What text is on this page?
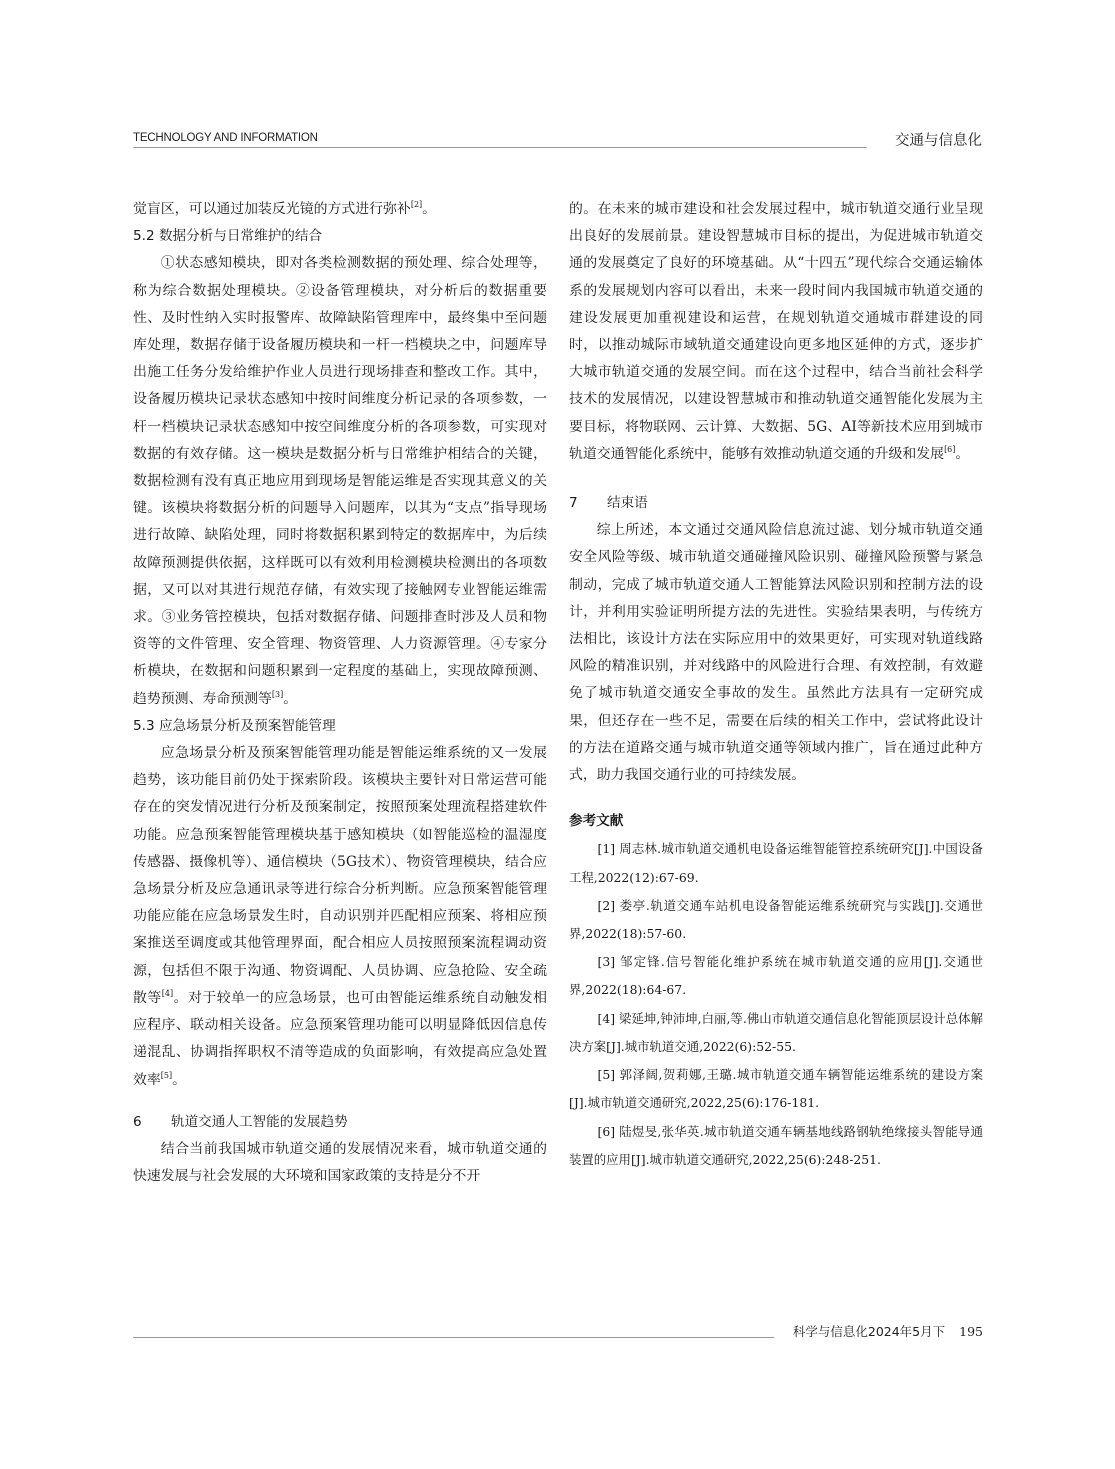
TECHNOLOGY AND INFORMATION	交通与信息化

觉盲区，可以通过加装反光镜的方式进行弥补[2]。

5.2 数据分析与日常维护的结合

①状态感知模块，即对各类检测数据的预处理、综合处理等，称为综合数据处理模块。②设备管理模块，对分析后的数据重要性、及时性纳入实时报警库、故障缺陷管理库中，最终集中至问题库处理，数据存储于设备履历模块和一杆一档模块之中，问题库导出施工任务分发给维护作业人员进行现场排查和整改工作。其中，设备履历模块记录状态感知中按时间维度分析记录的各项参数，一杆一档模块记录状态感知中按空间维度分析的各项参数，可实现对数据的有效存储。这一模块是数据分析与日常维护相结合的关键，数据检测有没有真正地应用到现场是智能运维是否实现其意义的关键。该模块将数据分析的问题导入问题库，以其为“支点”指导现场进行故障、缺陷处理，同时将数据积累到特定的数据库中，为后续故障预测提供依据，这样既可以有效利用检测模块检测出的各项数据，又可以对其进行规范存储，有效实现了接触网专业智能运维需求。③业务管控模块，包括对数据存储、问题排查时涉及人员和物资等的文件管理、安全管理、物资管理、人力资源管理。④专家分析模块，在数据和问题积累到一定程度的基础上，实现故障预测、趋势预测、寿命预测等[3]。

5.3 应急场景分析及预案智能管理

应急场景分析及预案智能管理功能是智能运维系统的又一发展趋势，该功能目前仍处于探索阶段。该模块主要针对日常运营可能存在的突发情况进行分析及预案制定，按照预案处理流程搭建软件功能。应急预案智能管理模块基于感知模块（如智能巡检的温湿度传感器、摄像机等）、通信模块（5G技术）、物资管理模块，结合应急场景分析及应急通讯录等进行综合分析判断。应急预案智能管理功能应能在应急场景发生时，自动识别并匹配相应预案、将相应预案推送至调度或其他管理界面，配合相应人员按照预案流程调动资源，包括但不限于沟通、物资调配、人员协调、应急抢险、安全疏散等[4]。对于较单一的应急场景，也可由智能运维系统自动触发相应程序、联动相关设备。应急预案管理功能可以明显降低因信息传递混乱、协调指挥职权不清等造成的负面影响，有效提高应急处置效率[5]。

6 轨道交通人工智能的发展趋势

结合当前我国城市轨道交通的发展情况来看，城市轨道交通的快速发展与社会发展的大环境和国家政策的支持是分不开

的。在未来的城市建设和社会发展过程中，城市轨道交通行业呈现出良好的发展前景。建设智慧城市目标的提出，为促进城市轨道交通的发展奠定了良好的环境基础。从“十四五”现代综合交通运输体系的发展规划内容可以看出，未来一段时间内我国城市轨道交通的建设发展更加重视建设和运营，在规划轨道交通城市群建设的同时，以推动城际市域轨道交通建设向更多地区延伸的方式，逐步扩大城市轨道交通的发展空间。而在这个过程中，结合当前社会科学技术的发展情况，以建设智慧城市和推动轨道交通智能化发展为主要目标，将物联网、云计算、大数据、5G、AI等新技术应用到城市轨道交通智能化系统中，能够有效推动轨道交通的升级和发展[6]。

7 结束语

综上所述，本文通过交通风险信息流过滤、划分城市轨道交通安全风险等级、城市轨道交通碰撞风险识别、碰撞风险预警与紧急制动，完成了城市轨道交通人工智能算法风险识别和控制方法的设计，并利用实验证明所提方法的先进性。实验结果表明，与传统方法相比，该设计方法在实际应用中的效果更好，可实现对轨道线路风险的精准识别，并对线路中的风险进行合理、有效控制，有效避免了城市轨道交通安全事故的发生。虽然此方法具有一定研究成果，但还存在一些不足，需要在后续的相关工作中，尝试将此设计的方法在道路交通与城市轨道交通等领域内推广，旨在通过此种方式，助力我国交通行业的可持续发展。

参考文献

[1] 周志林.城市轨道交通机电设备运维智能管控系统研究[J].中国设备工程,2022(12):67-69.

[2] 娄亭.轨道交通车站机电设备智能运维系统研究与实践[J].交通世界,2022(18):57-60.

[3] 邹定锋.信号智能化维护系统在城市轨道交通的应用[J].交通世界,2022(18):64-67.

[4] 梁延坤,钟沛坤,白丽,等.佛山市轨道交通信息化智能顶层设计总体解决方案[J].城市轨道交通,2022(6):52-55.

[5] 郭泽阔,贺莉娜,王璐.城市轨道交通车辆智能运维系统的建设方案[J].城市轨道交通研究,2022,25(6):176-181.

[6] 陆煜旻,张华英.城市轨道交通车辆基地线路钢轨绝缘接头智能导通装置的应用[J].城市轨道交通研究,2022,25(6):248-251.

科学与信息化2024年5月下 195
